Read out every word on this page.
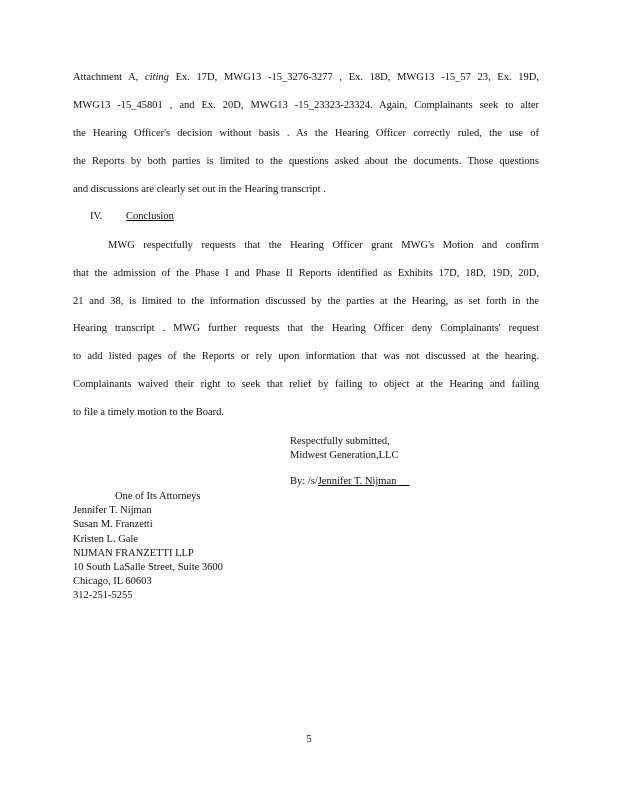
Attachment A, citing Ex. 17D, MWG13 -15_3276-3277 , Ex. 18D, MWG13 -15_57 23, Ex. 19D,
MWG13 -15_45801 , and Ex. 20D, MWG13 -15_23323-23324. Again, Complainants seek to alter
the Hearing Officer's decision without basis . As the Hearing Officer correctly ruled, the use of
the Reports by both parties is limited to the questions asked about the documents. Those questions
and discussions are clearly set out in the Hearing transcript .
IV. Conclusion
MWG respectfully requests that the Hearing Officer grant MWG's Motion and confirm
that the admission of the Phase I and Phase II Reports identified as Exhibits 17D, 18D, 19D, 20D,
21 and 38, is limited to the information discussed by the parties at the Hearing, as set forth in the
Hearing transcript . MWG further requests that the Hearing Officer deny Complainants' request
to add listed pages of the Reports or rely upon information that was not discussed at the hearing.
Complainants waived their right to seek that relief by failing to object at the Hearing and failing
to file a timely motion to the Board.
Respectfully submitted,
Midwest Generation,LLC
By: /s/Jennifer T. Nijman
One of Its Attorneys
Jennifer T. Nijman
Susan M. Franzetti
Kristen L. Gale
NIJMAN FRANZETTI LLP
10 South LaSalle Street, Suite 3600
Chicago, IL 60603
312-251-5255
5
